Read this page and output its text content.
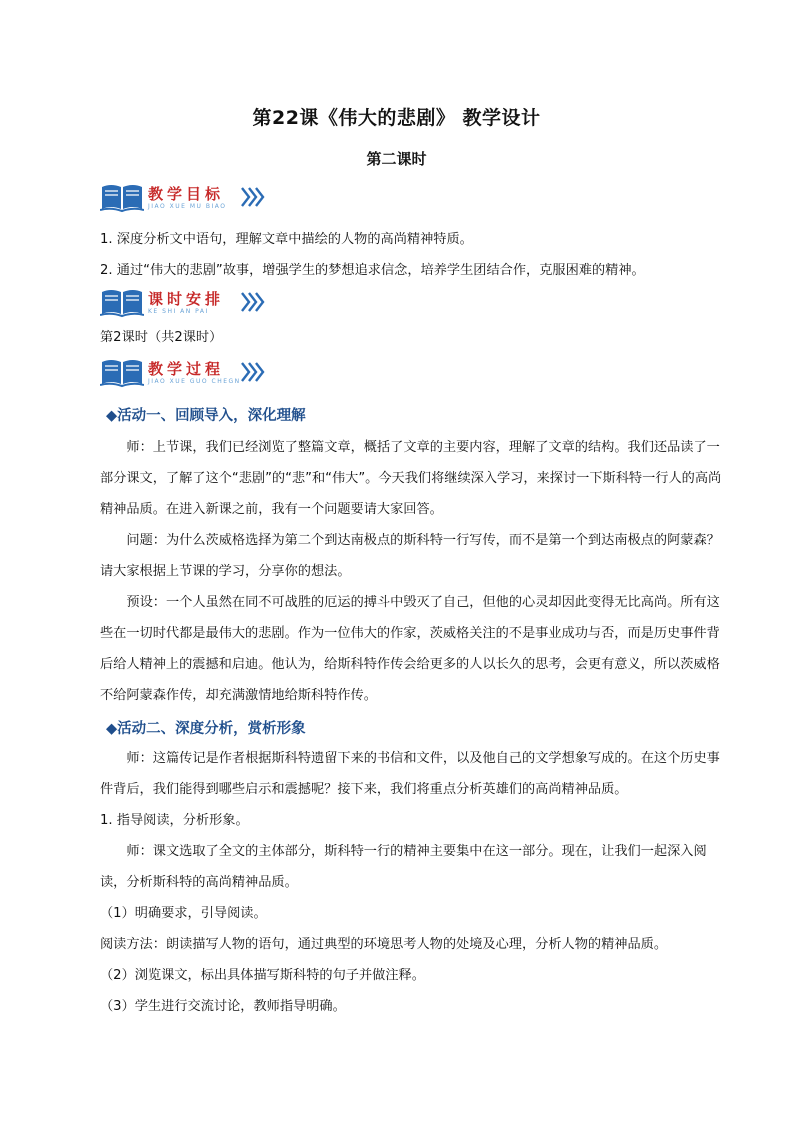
第22课《伟大的悲剧》 教学设计
第二课时
教学目标
JIAO XUE MU BIAO

1. 深度分析文中语句，理解文章中描绘的人物的高尚精神特质。

2. 通过“伟大的悲剧”故事，增强学生的梦想追求信念，培养学生团结合作，克服困难的精神。

课时安排
KE SHI AN PAI

第2课时（共2课时）

教学过程
JIAO XUE GUO CHEGN
◆活动一、回顾导入，深化理解

师：上节课，我们已经浏览了整篇文章，概括了文章的主要内容，理解了文章的结构。我们还品读了一部分课文，了解了这个“悲剧”的“悲”和“伟大”。今天我们将继续深入学习，来探讨一下斯科特一行人的高尚精神品质。在进入新课之前，我有一个问题要请大家回答。

问题：为什么茨威格选择为第二个到达南极点的斯科特一行写传，而不是第一个到达南极点的阿蒙森？请大家根据上节课的学习，分享你的想法。

预设：一个人虽然在同不可战胜的厄运的搏斗中毁灭了自己，但他的心灵却因此变得无比高尚。所有这些在一切时代都是最伟大的悲剧。作为一位伟大的作家，茨威格关注的不是事业成功与否，而是历史事件背后给人精神上的震撼和启迪。他认为，给斯科特作传会给更多的人以长久的思考，会更有意义，所以茨威格不给阿蒙森作传，却充满激情地给斯科特作传。

◆活动二、深度分析，赏析形象

师：这篇传记是作者根据斯科特遗留下来的书信和文件，以及他自己的文学想象写成的。在这个历史事件背后，我们能得到哪些启示和震撼呢？接下来，我们将重点分析英雄们的高尚精神品质。

1. 指导阅读，分析形象。

师：课文选取了全文的主体部分，斯科特一行的精神主要集中在这一部分。现在，让我们一起深入阅读，分析斯科特的高尚精神品质。

（1）明确要求，引导阅读。

阅读方法：朗读描写人物的语句，通过典型的环境思考人物的处境及心理，分析人物的精神品质。

（2）浏览课文，标出具体描写斯科特的句子并做注释。

（3）学生进行交流讨论，教师指导明确。
